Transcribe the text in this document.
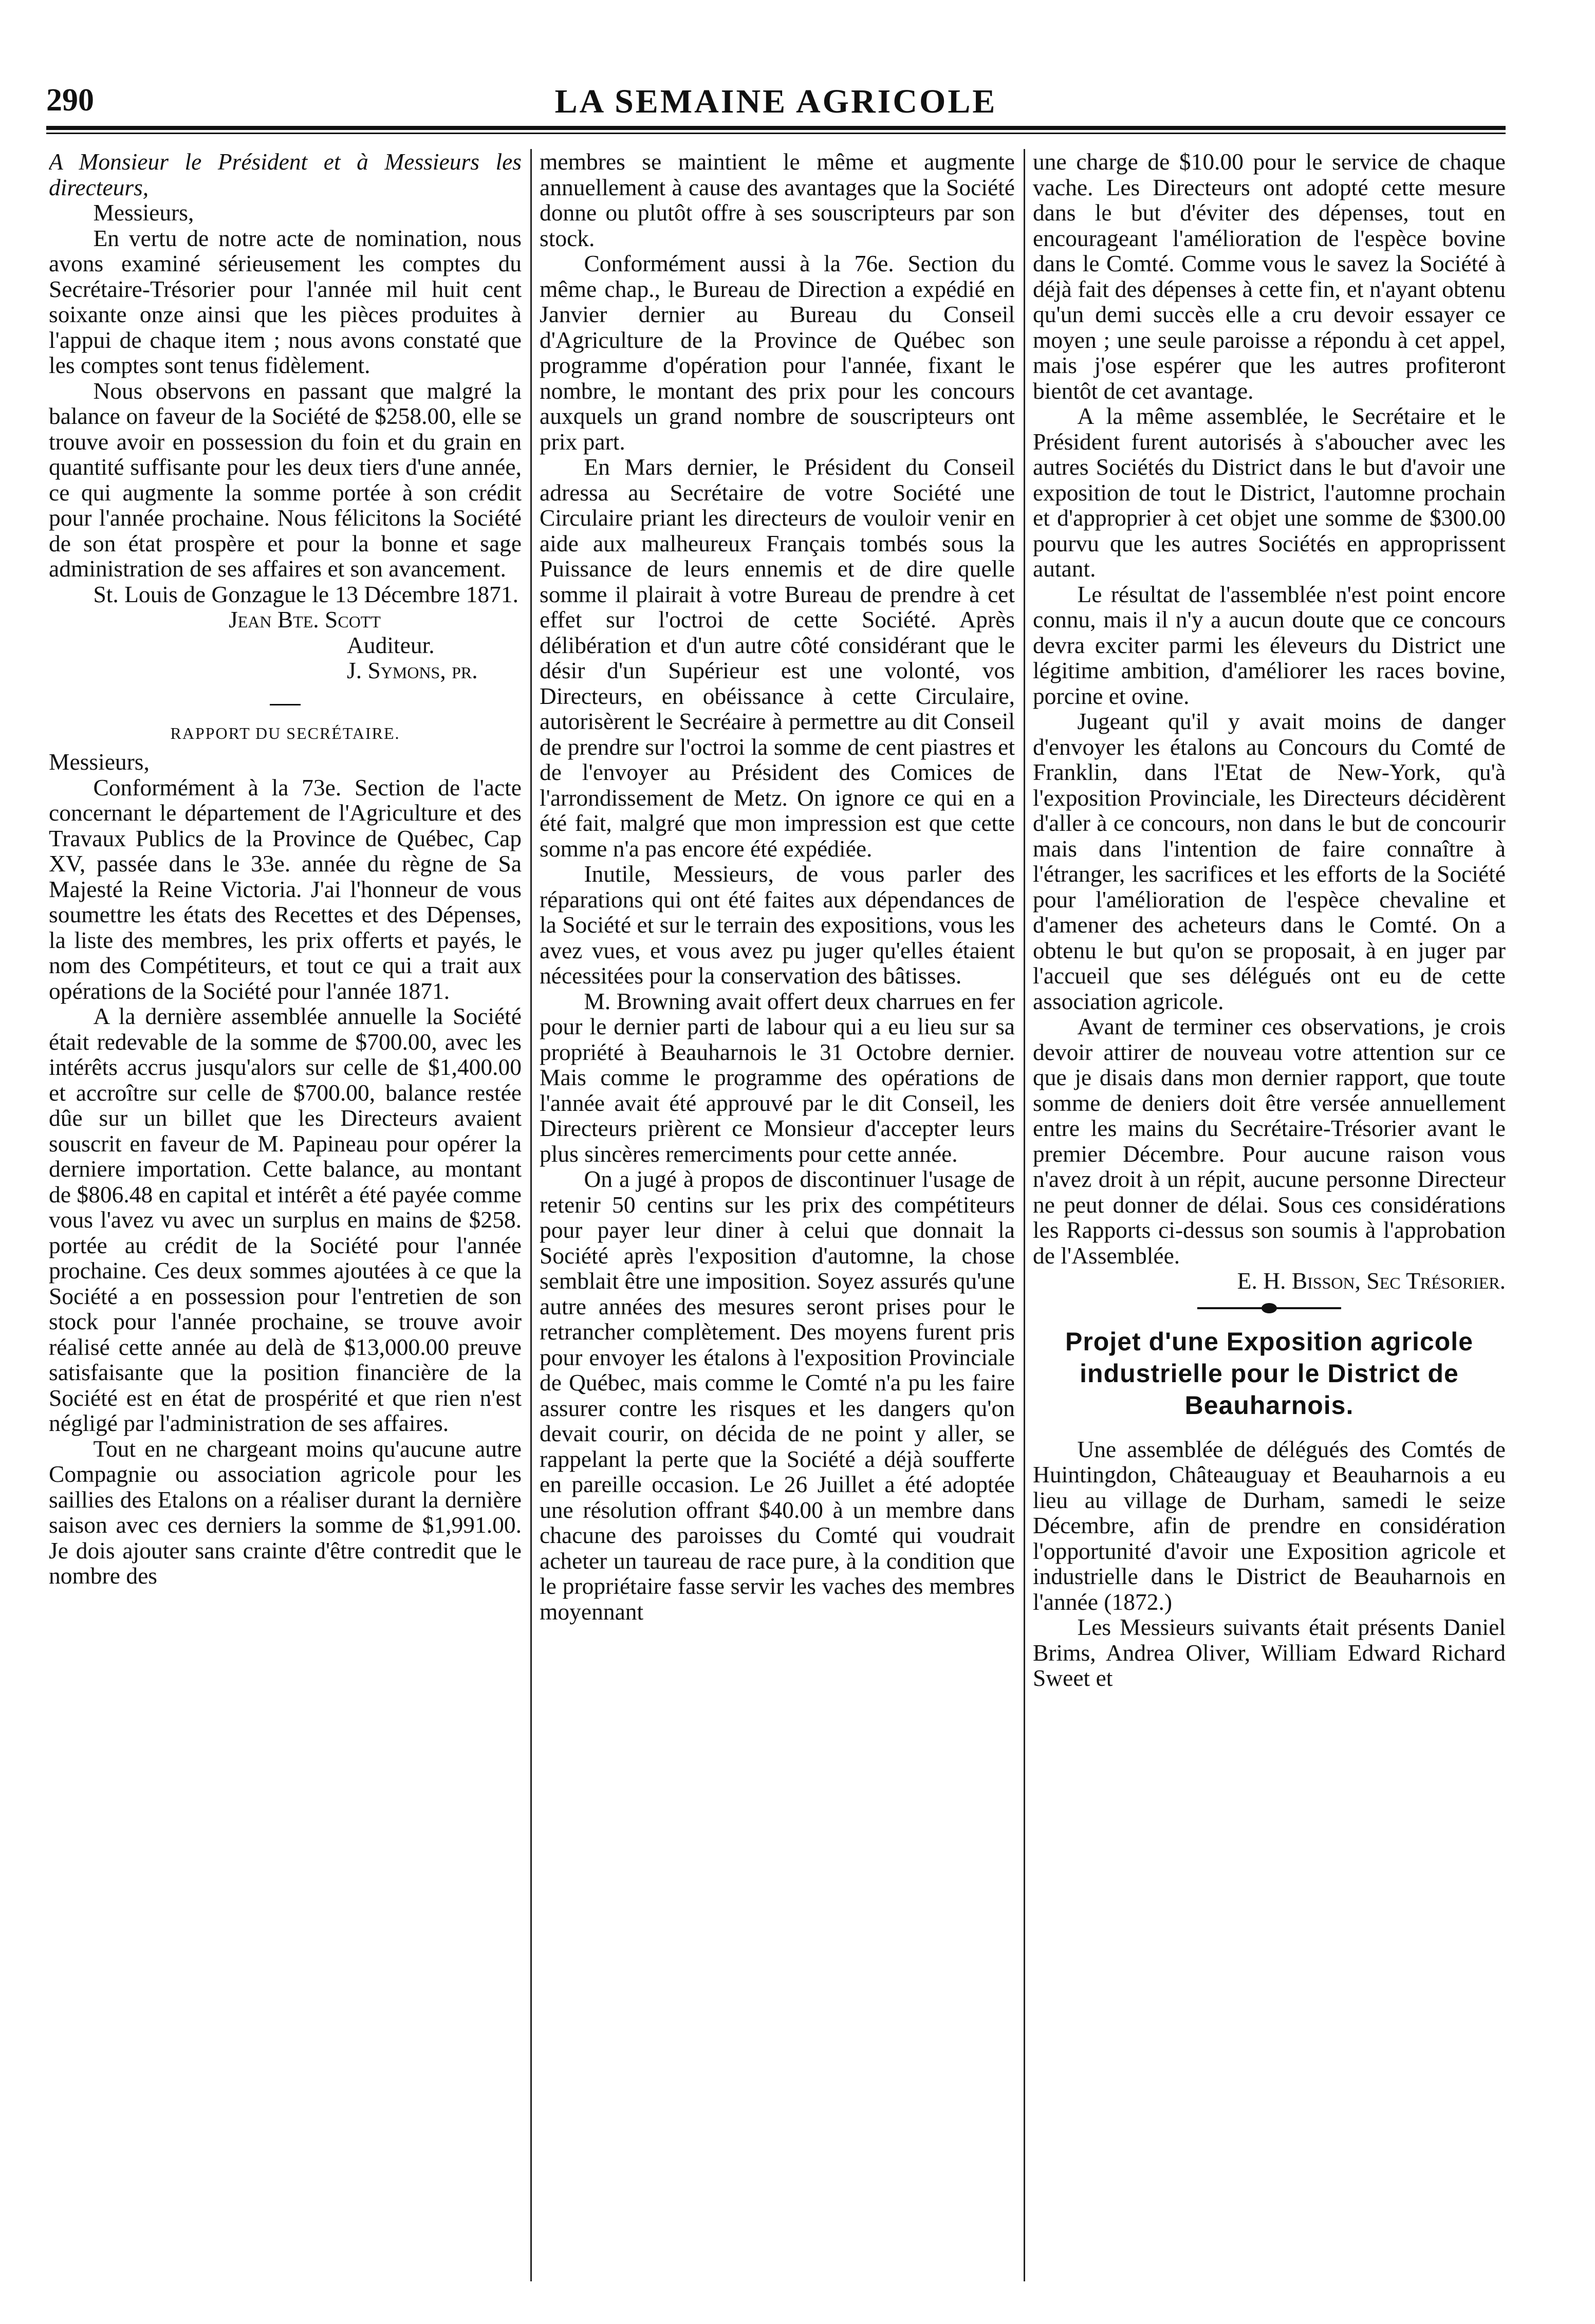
290	LA SEMAINE AGRICOLE

A Monsieur le Président et à Messieurs les directeurs,

Messieurs,

En vertu de notre acte de nomination, nous avons examiné sérieusement les comptes du Secrétaire-Trésorier pour l'année mil huit cent soixante onze ainsi que les pièces produites à l'appui de chaque item ; nous avons constaté que les comptes sont tenus fidèlement.

Nous observons en passant que malgré la balance on faveur de la Société de $258.00, elle se trouve avoir en possession du foin et du grain en quantité suffisante pour les deux tiers d'une année, ce qui augmente la somme portée à son crédit pour l'année prochaine. Nous félicitons la Société de son état prospère et pour la bonne et sage administration de ses affaires et son avancement.

St. Louis de Gonzague le 13 Décembre 1871.

Jean Bte. Scott

Auditeur.

J. Symons, pr.

RAPPORT DU SECRÉTAIRE.

Messieurs,

Conformément à la 73e. Section de l'acte concernant le département de l'Agriculture et des Travaux Publics de la Province de Québec, Cap XV, passée dans le 33e. année du règne de Sa Majesté la Reine Victoria. J'ai l'honneur de vous soumettre les états des Recettes et des Dépenses, la liste des membres, les prix offerts et payés, le nom des Compétiteurs, et tout ce qui a trait aux opérations de la Société pour l'année 1871.

A la dernière assemblée annuelle la Société était redevable de la somme de $700.00, avec les intérêts accrus jusqu'alors sur celle de $1,400.00 et accroître sur celle de $700.00, balance restée dûe sur un billet que les Directeurs avaient souscrit en faveur de M. Papineau pour opérer la derniere importation. Cette balance, au montant de $806.48 en capital et intérêt a été payée comme vous l'avez vu avec un surplus en mains de $258. portée au crédit de la Société pour l'année prochaine. Ces deux sommes ajoutées à ce que la Société a en possession pour l'entretien de son stock pour l'année prochaine, se trouve avoir réalisé cette année au delà de $13,000.00 preuve satisfaisante que la position financière de la Société est en état de prospérité et que rien n'est négligé par l'administration de ses affaires.

Tout en ne chargeant moins qu'aucune autre Compagnie ou association agricole pour les saillies des Etalons on a réaliser durant la dernière saison avec ces derniers la somme de $1,991.00. Je dois ajouter sans crainte d'être contredit que le nombre des

membres se maintient le même et augmente annuellement à cause des avantages que la Société donne ou plutôt offre à ses souscripteurs par son stock.

Conformément aussi à la 76e. Section du même chap., le Bureau de Direction a expédié en Janvier dernier au Bureau du Conseil d'Agriculture de la Province de Québec son programme d'opération pour l'année, fixant le nombre, le montant des prix pour les concours auxquels un grand nombre de souscripteurs ont prix part.

En Mars dernier, le Président du Conseil adressa au Secrétaire de votre Société une Circulaire priant les directeurs de vouloir venir en aide aux malheureux Français tombés sous la Puissance de leurs ennemis et de dire quelle somme il plairait à votre Bureau de prendre à cet effet sur l'octroi de cette Société. Après délibération et d'un autre côté considérant que le désir d'un Supérieur est une volonté, vos Directeurs, en obéissance à cette Circulaire, autorisèrent le Secréaire à permettre au dit Conseil de prendre sur l'octroi la somme de cent piastres et de l'envoyer au Président des Comices de l'arrondissement de Metz. On ignore ce qui en a été fait, malgré que mon impression est que cette somme n'a pas encore été expédiée.

Inutile, Messieurs, de vous parler des réparations qui ont été faites aux dépendances de la Société et sur le terrain des expositions, vous les avez vues, et vous avez pu juger qu'elles étaient nécessitées pour la conservation des bâtisses.

M. Browning avait offert deux charrues en fer pour le dernier parti de labour qui a eu lieu sur sa propriété à Beauharnois le 31 Octobre dernier. Mais comme le programme des opérations de l'année avait été approuvé par le dit Conseil, les Directeurs prièrent ce Monsieur d'accepter leurs plus sincères remerciments pour cette année.

On a jugé à propos de discontinuer l'usage de retenir 50 centins sur les prix des compétiteurs pour payer leur diner à celui que donnait la Société après l'exposition d'automne, la chose semblait être une imposition. Soyez assurés qu'une autre années des mesures seront prises pour le retrancher complètement. Des moyens furent pris pour envoyer les étalons à l'exposition Provinciale de Québec, mais comme le Comté n'a pu les faire assurer contre les risques et les dangers qu'on devait courir, on décida de ne point y aller, se rappelant la perte que la Société a déjà soufferte en pareille occasion. Le 26 Juillet a été adoptée une résolution offrant $40.00 à un membre dans chacune des paroisses du Comté qui voudrait acheter un taureau de race pure, à la condition que le propriétaire fasse servir les vaches des membres moyennant

une charge de $10.00 pour le service de chaque vache. Les Directeurs ont adopté cette mesure dans le but d'éviter des dépenses, tout en encourageant l'amélioration de l'espèce bovine dans le Comté. Comme vous le savez la Société à déjà fait des dépenses à cette fin, et n'ayant obtenu qu'un demi succès elle a cru devoir essayer ce moyen ; une seule paroisse a répondu à cet appel, mais j'ose espérer que les autres profiteront bientôt de cet avantage.

A la même assemblée, le Secrétaire et le Président furent autorisés à s'aboucher avec les autres Sociétés du District dans le but d'avoir une exposition de tout le District, l'automne prochain et d'approprier à cet objet une somme de $300.00 pourvu que les autres Sociétés en approprissent autant.

Le résultat de l'assemblée n'est point encore connu, mais il n'y a aucun doute que ce concours devra exciter parmi les éleveurs du District une légitime ambition, d'améliorer les races bovine, porcine et ovine.

Jugeant qu'il y avait moins de danger d'envoyer les étalons au Concours du Comté de Franklin, dans l'Etat de New-York, qu'à l'exposition Provinciale, les Directeurs décidèrent d'aller à ce concours, non dans le but de concourir mais dans l'intention de faire connaître à l'étranger, les sacrifices et les efforts de la Société pour l'amélioration de l'espèce chevaline et d'amener des acheteurs dans le Comté. On a obtenu le but qu'on se proposait, à en juger par l'accueil que ses délégués ont eu de cette association agricole.

Avant de terminer ces observations, je crois devoir attirer de nouveau votre attention sur ce que je disais dans mon dernier rapport, que toute somme de deniers doit être versée annuellement entre les mains du Secrétaire-Trésorier avant le premier Décembre. Pour aucune raison vous n'avez droit à un répit, aucune personne Directeur ne peut donner de délai. Sous ces considérations les Rapports ci-dessus son soumis à l'approbation de l'Assemblée.

E. H. Bisson, Sec Trésorier.

Projet d'une Exposition agricole industrielle pour le District de Beauharnois.

Une assemblée de délégués des Comtés de Huintingdon, Châteauguay et Beauharnois a eu lieu au village de Durham, samedi le seize Décembre, afin de prendre en considération l'opportunité d'avoir une Exposition agricole et industrielle dans le District de Beauharnois en l'année (1872.)

Les Messieurs suivants était présents Daniel Brims, Andrea Oliver, William Edward Richard Sweet et
